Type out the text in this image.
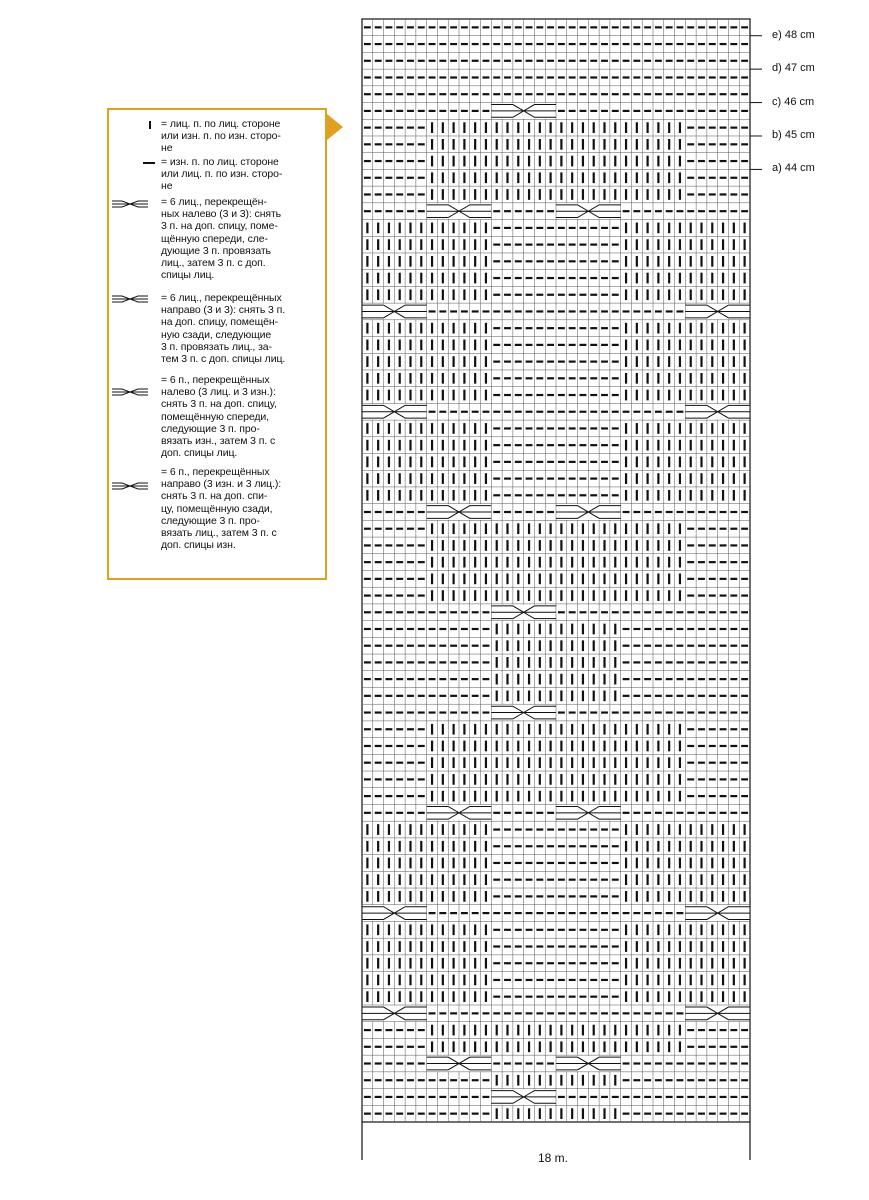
= лиц. п. по лиц. стороне
или изн. п. по изн. сторо-
не
= изн. п. по лиц. стороне
или лиц. п. по изн. сторо-
не
= 6 лиц., перекрещён-
ных налево (3 и 3): снять
3 п. на доп. спицу, поме-
щённую спереди, сле-
дующие 3 п. провязать
лиц., затем 3 п. с доп.
спицы лиц.
= 6 лиц., перекрещённых
направо (3 и 3): снять 3 п.
на доп. спицу, помещён-
ную сзади, следующие
3 п. провязать лиц., за-
тем 3 п. с доп. спицы лиц.
= 6 п., перекрещённых
налево (3 лиц. и 3 изн.):
снять 3 п. на доп. спицу,
помещённую спереди,
следующие 3 п. про-
вязать изн., затем 3 п. с
доп. спицы лиц.
= 6 п., перекрещённых
направо (3 изн. и 3 лиц.):
снять 3 п. на доп. спи-
цу, помещённую сзади,
следующие 3 п. про-
вязать лиц., затем 3 п. с
доп. спицы изн.
e) 48 cm
d) 47 cm
c) 46 cm
b) 45 cm
a) 44 cm
18 m.
